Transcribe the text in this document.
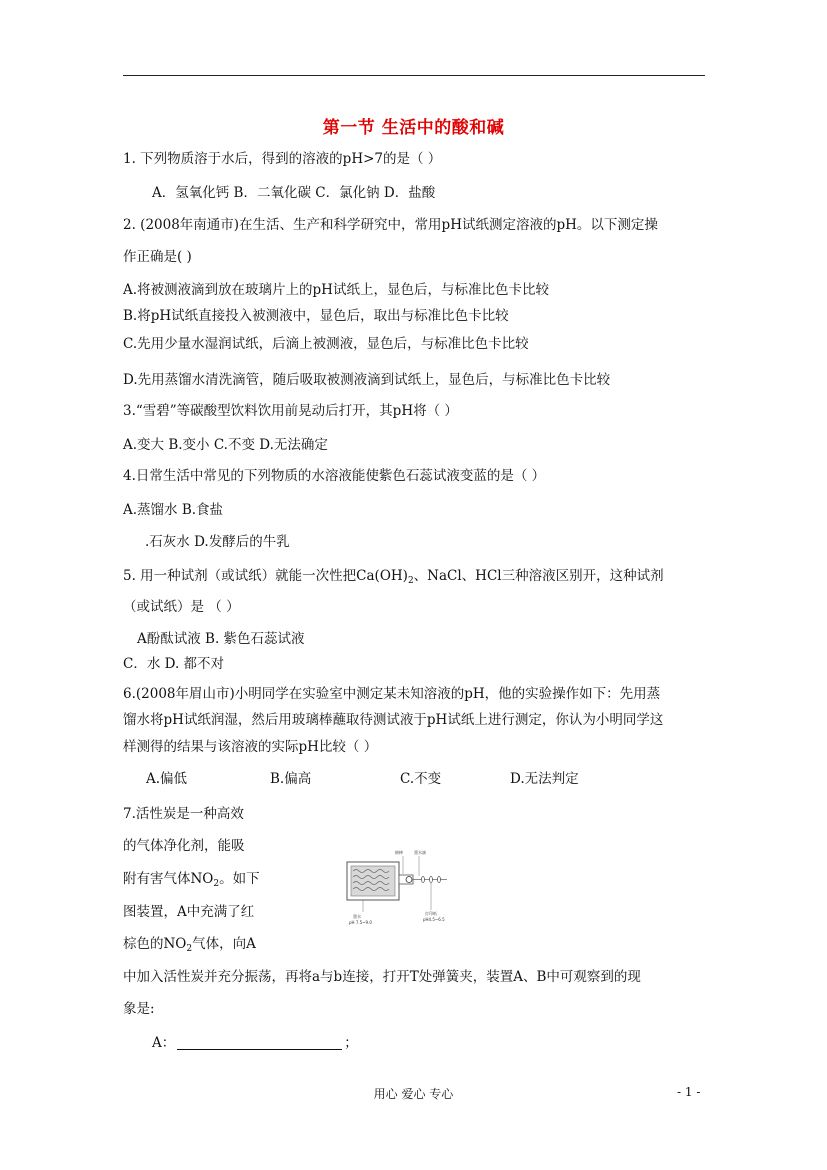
第一节 生活中的酸和碱
1. 下列物质溶于水后，得到的溶液的pH>7的是（ ）
A．氢氧化钙 B．二氧化碳 C．氯化钠 D．盐酸
2. (2008年南通市)在生活、生产和科学研究中，常用pH试纸测定溶液的pH。以下测定操
作正确是( )
A.将被测液滴到放在玻璃片上的pH试纸上，显色后，与标准比色卡比较
B.将pH试纸直接投入被测液中，显色后，取出与标准比色卡比较
C.先用少量水湿润试纸，后滴上被测液，显色后，与标准比色卡比较
D.先用蒸馏水清洗滴管，随后吸取被测液滴到试纸上，显色后，与标准比色卡比较
3.“雪碧”等碳酸型饮料饮用前晃动后打开，其pH将（ ）
A.变大 B.变小 C.不变 D.无法确定
4.日常生活中常见的下列物质的水溶液能使紫色石蕊试液变蓝的是（ ）
A.蒸馏水 B.食盐
.石灰水 D.发酵后的牛乳
5. 用一种试剂（或试纸）就能一次性把$Ca(OH)_2$、NaCl、HCl三种溶液区别开，这种试剂
（或试纸）是 （ ）
A酚酞试液 B. 紫色石蕊试液
C．水 D. 都不对
6.(2008年眉山市)小明同学在实验室中测定某未知溶液的pH，他的实验操作如下：先用蒸
馏水将pH试纸润湿，然后用玻璃棒蘸取待测试液于pH试纸上进行测定，你认为小明同学这
样测得的结果与该溶液的实际pH比较（ ）
A.偏低	B.偏高	C.不变	D.无法判定
7.活性炭是一种高效
的气体净化剂，能吸
附有害气体$NO_2$。如下
图装置，A中充满了红
棕色的$NO_2$气体，向A
中加入活性炭并充分振荡，再将a与b连接，打开T处弹簧夹，装置A、B中可观察到的现
象是:
A：	；
棉棒	墨水滴
墨水
pH 7.5~9.0
打印纸
pH4.5~6.5
用心 爱心 专心	- 1 -
